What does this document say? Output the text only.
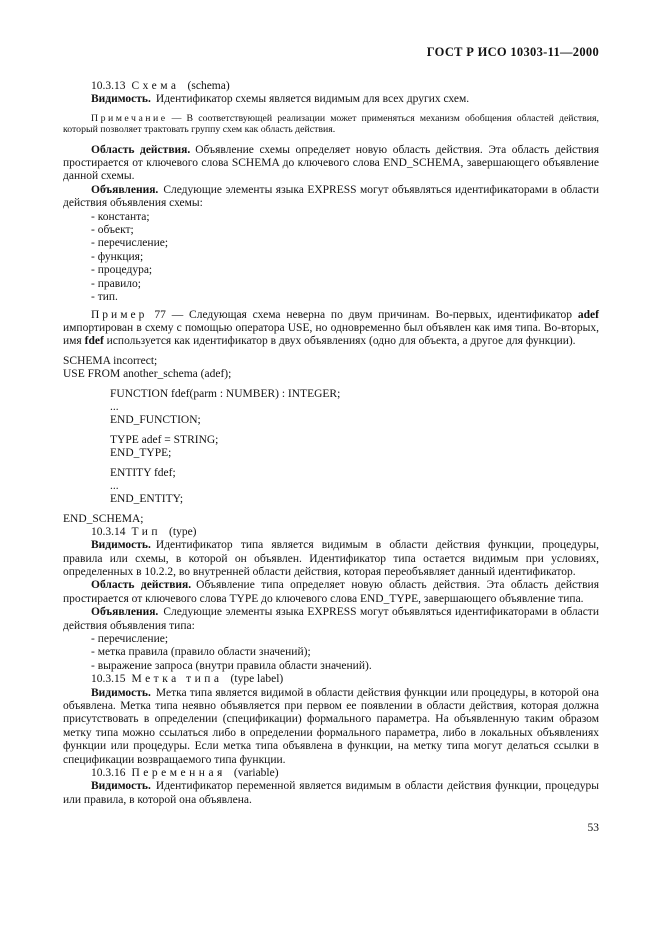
ГОСТ Р ИСО 10303-11—2000

10.3.13 Схема (schema)

Видимость. Идентификатор схемы является видимым для всех других схем.

Примечание — В соответствующей реализации может применяться механизм обобщения областей действия, который позволяет трактовать группу схем как область действия.

Область действия. Объявление схемы определяет новую область действия. Эта область действия простирается от ключевого слова SCHEMA до ключевого слова END_SCHEMA, завершающего объявление данной схемы.

Объявления. Следующие элементы языка EXPRESS могут объявляться идентификаторами в области действия объявления схемы:

- константа;
- объект;
- перечисление;
- функция;
- процедура;
- правило;
- тип.

Пример 77 — Следующая схема неверна по двум причинам. Во-первых, идентификатор adef импортирован в схему с помощью оператора USE, но одновременно был объявлен как имя типа. Во-вторых, имя fdef используется как идентификатор в двух объявлениях (одно для объекта, а другое для функции).

SCHEMA incorrect;
USE FROM another_schema (adef);
FUNCTION fdef(parm : NUMBER) : INTEGER;
...
END_FUNCTION;
TYPE adef = STRING;
END_TYPE;
ENTITY fdef;
...
END_ENTITY;
END_SCHEMA;

10.3.14 Тип (type)

Видимость. Идентификатор типа является видимым в области действия функции, процедуры, правила или схемы, в которой он объявлен. Идентификатор типа остается видимым при условиях, определенных в 10.2.2, во внутренней области действия, которая переобъявляет данный идентификатор.

Область действия. Объявление типа определяет новую область действия. Эта область действия простирается от ключевого слова TYPE до ключевого слова END_TYPE, завершающего объявление типа.

Объявления. Следующие элементы языка EXPRESS могут объявляться идентификаторами в области действия объявления типа:

- перечисление;
- метка правила (правило области значений);
- выражение запроса (внутри правила области значений).

10.3.15 Метка типа (type label)

Видимость. Метка типа является видимой в области действия функции или процедуры, в которой она объявлена. Метка типа неявно объявляется при первом ее появлении в области действия, которая должна присутствовать в определении (спецификации) формального параметра. На объявленную таким образом метку типа можно ссылаться либо в определении формального параметра, либо в локальных объявлениях функции или процедуры. Если метка типа объявлена в функции, на метку типа могут делаться ссылки в спецификации возвращаемого типа функции.

10.3.16 Переменная (variable)

Видимость. Идентификатор переменной является видимым в области действия функции, процедуры или правила, в которой она объявлена.

53
